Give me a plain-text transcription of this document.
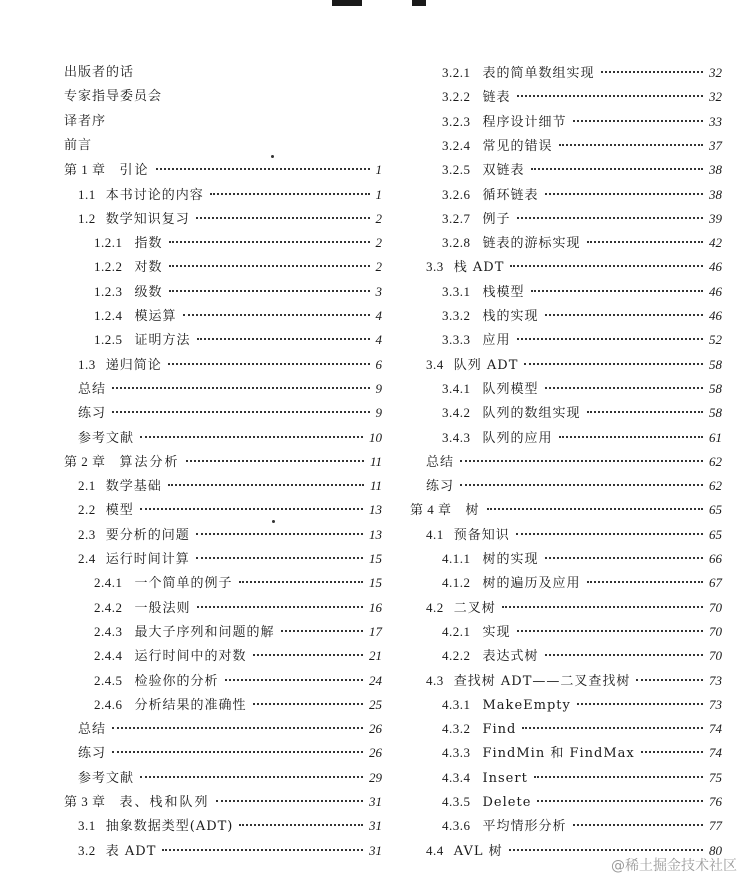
出版者的话
专家指导委员会
译者序
前言
第 1 章 引论	1
1.1 本书讨论的内容	1
1.2 数学知识复习	2
1.2.1 指数	2
1.2.2 对数	2
1.2.3 级数	3
1.2.4 模运算	4
1.2.5 证明方法	4
1.3 递归简论	6
总结	9
练习	9
参考文献	10
第 2 章 算法分析	11
2.1 数学基础	11
2.2 模型	13
2.3 要分析的问题	13
2.4 运行时间计算	15
2.4.1 一个简单的例子	15
2.4.2 一般法则	16
2.4.3 最大子序列和问题的解	17
2.4.4 运行时间中的对数	21
2.4.5 检验你的分析	24
2.4.6 分析结果的准确性	25
总结	26
练习	26
参考文献	29
第 3 章 表、栈和队列	31
3.1 抽象数据类型(ADT)	31
3.2 表 ADT	31
3.2.1 表的简单数组实现	32
3.2.2 链表	32
3.2.3 程序设计细节	33
3.2.4 常见的错误	37
3.2.5 双链表	38
3.2.6 循环链表	38
3.2.7 例子	39
3.2.8 链表的游标实现	42
3.3 栈 ADT	46
3.3.1 栈模型	46
3.3.2 栈的实现	46
3.3.3 应用	52
3.4 队列 ADT	58
3.4.1 队列模型	58
3.4.2 队列的数组实现	58
3.4.3 队列的应用	61
总结	62
练习	62
第 4 章 树	65
4.1 预备知识	65
4.1.1 树的实现	66
4.1.2 树的遍历及应用	67
4.2 二叉树	70
4.2.1 实现	70
4.2.2 表达式树	70
4.3 查找树 ADT——二叉查找树	73
4.3.1 MakeEmpty	73
4.3.2 Find	74
4.3.3 FindMin 和 FindMax	74
4.3.4 Insert	75
4.3.5 Delete	76
4.3.6 平均情形分析	77
4.4 AVL 树	80
@稀土掘金技术社区
